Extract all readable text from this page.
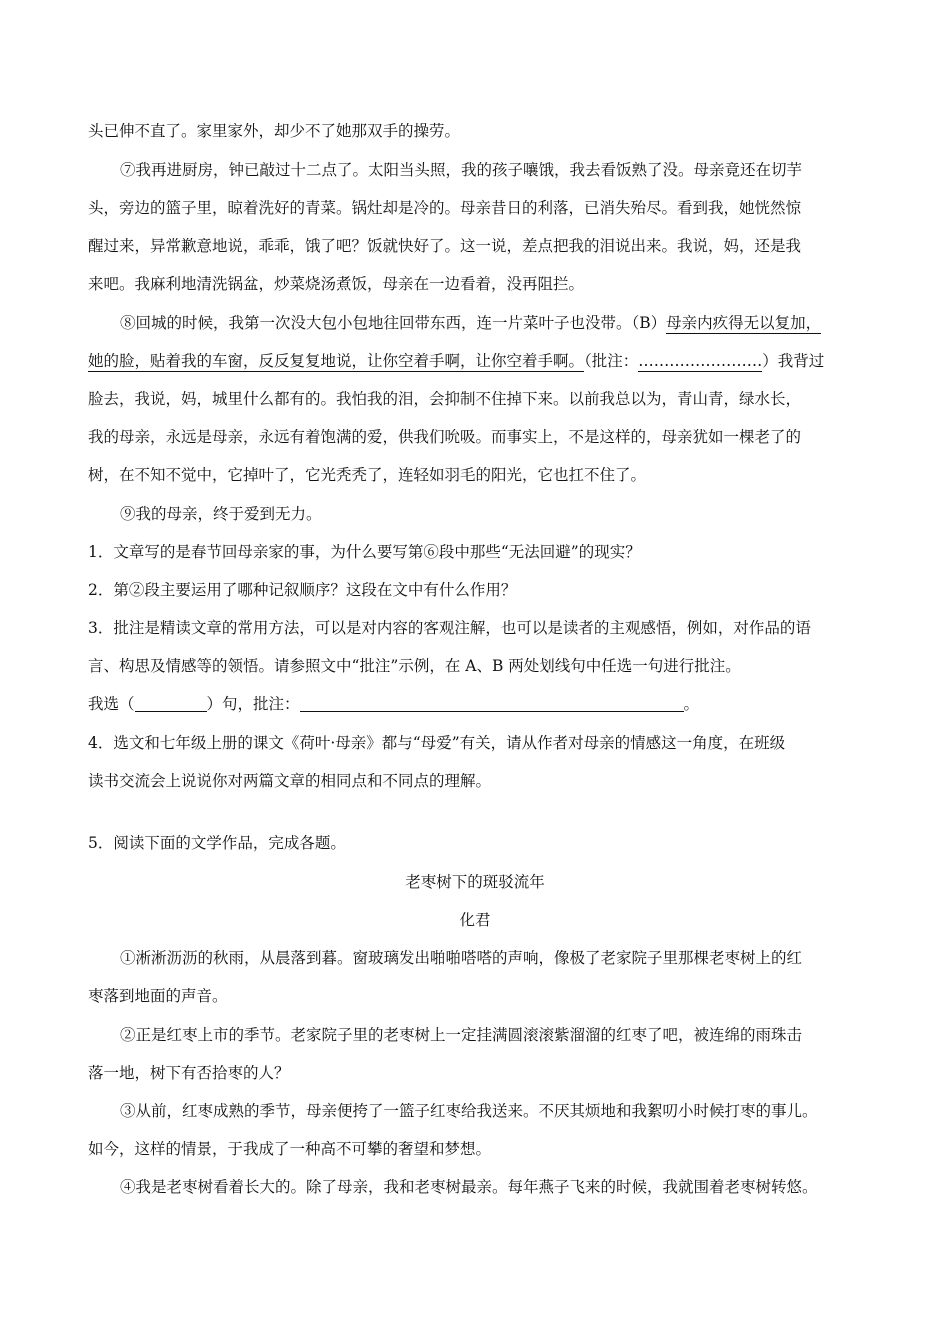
头已伸不直了。家里家外，却少不了她那双手的操劳。
⑦我再进厨房，钟已敲过十二点了。太阳当头照，我的孩子嚷饿，我去看饭熟了没。母亲竟还在切芋
头，旁边的篮子里，晾着洗好的青菜。锅灶却是冷的。母亲昔日的利落，已消失殆尽。看到我，她恍然惊
醒过来，异常歉意地说，乖乖，饿了吧？饭就快好了。这一说，差点把我的泪说出来。我说，妈，还是我
来吧。我麻利地清洗锅盆，炒菜烧汤煮饭，母亲在一边看着，没再阻拦。
⑧回城的时候，我第一次没大包小包地往回带东西，连一片菜叶子也没带。（B）母亲内疚得无以复加，
她的脸，贴着我的车窗，反反复复地说，让你空着手啊，让你空着手啊。（批注：……………………）我背过
脸去，我说，妈，城里什么都有的。我怕我的泪，会抑制不住掉下来。以前我总以为，青山青，绿水长，
我的母亲，永远是母亲，永远有着饱满的爱，供我们吮吸。而事实上，不是这样的，母亲犹如一棵老了的
树，在不知不觉中，它掉叶了，它光秃秃了，连轻如羽毛的阳光，它也扛不住了。
⑨我的母亲，终于爱到无力。
1．文章写的是春节回母亲家的事，为什么要写第⑥段中那些“无法回避”的现实？
2．第②段主要运用了哪种记叙顺序？这段在文中有什么作用？
3．批注是精读文章的常用方法，可以是对内容的客观注解，也可以是读者的主观感悟，例如，对作品的语
言、构思及情感等的领悟。请参照文中“批注”示例，在 A、B 两处划线句中任选一句进行批注。
我选（	）句，批注：	。
4．选文和七年级上册的课文《荷叶·母亲》都与“母爱”有关，请从作者对母亲的情感这一角度，在班级
读书交流会上说说你对两篇文章的相同点和不同点的理解。
5．阅读下面的文学作品，完成各题。
老枣树下的斑驳流年
化君
①淅淅沥沥的秋雨，从晨落到暮。窗玻璃发出啪啪嗒嗒的声响，像极了老家院子里那棵老枣树上的红
枣落到地面的声音。
②正是红枣上市的季节。老家院子里的老枣树上一定挂满圆滚滚紫溜溜的红枣了吧，被连绵的雨珠击
落一地，树下有否拾枣的人？
③从前，红枣成熟的季节，母亲便挎了一篮子红枣给我送来。不厌其烦地和我絮叨小时候打枣的事儿。
如今，这样的情景，于我成了一种高不可攀的奢望和梦想。
④我是老枣树看着长大的。除了母亲，我和老枣树最亲。每年燕子飞来的时候，我就围着老枣树转悠。
